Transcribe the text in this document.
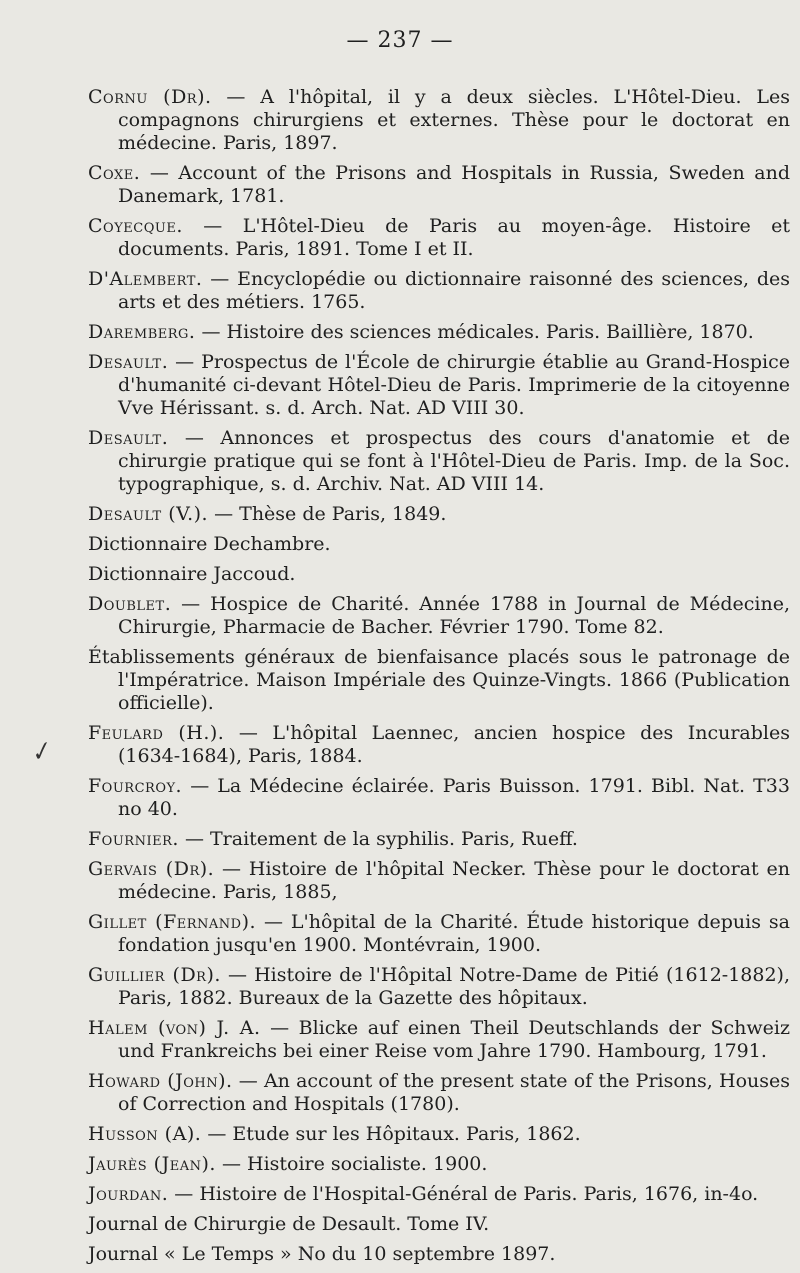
— 237 —
✓

Cornu (Dr). — A l'hôpital, il y a deux siècles. L'Hôtel-Dieu. Les compagnons chirurgiens et externes. Thèse pour le doctorat en médecine. Paris, 1897.

Coxe. — Account of the Prisons and Hospitals in Russia, Sweden and Danemark, 1781.

Coyecque. — L'Hôtel-Dieu de Paris au moyen-âge. Histoire et documents. Paris, 1891. Tome I et II.

D'Alembert. — Encyclopédie ou dictionnaire raisonné des sciences, des arts et des métiers. 1765.

Daremberg. — Histoire des sciences médicales. Paris. Baillière, 1870.

Desault. — Prospectus de l'École de chirurgie établie au Grand-Hospice d'humanité ci-devant Hôtel-Dieu de Paris. Imprimerie de la citoyenne Vve Hérissant. s. d. Arch. Nat. AD VIII 30.

Desault. — Annonces et prospectus des cours d'anatomie et de chirurgie pratique qui se font à l'Hôtel-Dieu de Paris. Imp. de la Soc. typographique, s. d. Archiv. Nat. AD VIII 14.

Desault (V.). — Thèse de Paris, 1849.

Dictionnaire Dechambre.

Dictionnaire Jaccoud.

Doublet. — Hospice de Charité. Année 1788 in Journal de Médecine, Chirurgie, Pharmacie de Bacher. Février 1790. Tome 82.

Établissements généraux de bienfaisance placés sous le patronage de l'Impératrice. Maison Impériale des Quinze-Vingts. 1866 (Publication officielle).

Feulard (H.). — L'hôpital Laennec, ancien hospice des Incurables (1634-1684), Paris, 1884.

Fourcroy. — La Médecine éclairée. Paris Buisson. 1791. Bibl. Nat. T33 no 40.

Fournier. — Traitement de la syphilis. Paris, Rueff.

Gervais (Dr). — Histoire de l'hôpital Necker. Thèse pour le doctorat en médecine. Paris, 1885,

Gillet (Fernand). — L'hôpital de la Charité. Étude historique depuis sa fondation jusqu'en 1900. Montévrain, 1900.

Guillier (Dr). — Histoire de l'Hôpital Notre-Dame de Pitié (1612-1882), Paris, 1882. Bureaux de la Gazette des hôpitaux.

Halem (von) J. A. — Blicke auf einen Theil Deutschlands der Schweiz und Frankreichs bei einer Reise vom Jahre 1790. Hambourg, 1791.

Howard (John). — An account of the present state of the Prisons, Houses of Correction and Hospitals (1780).

Husson (A). — Etude sur les Hôpitaux. Paris, 1862.

Jaurès (Jean). — Histoire socialiste. 1900.

Jourdan. — Histoire de l'Hospital-Général de Paris. Paris, 1676, in-4o.

Journal de Chirurgie de Desault. Tome IV.

Journal « Le Temps » No du 10 septembre 1897.
